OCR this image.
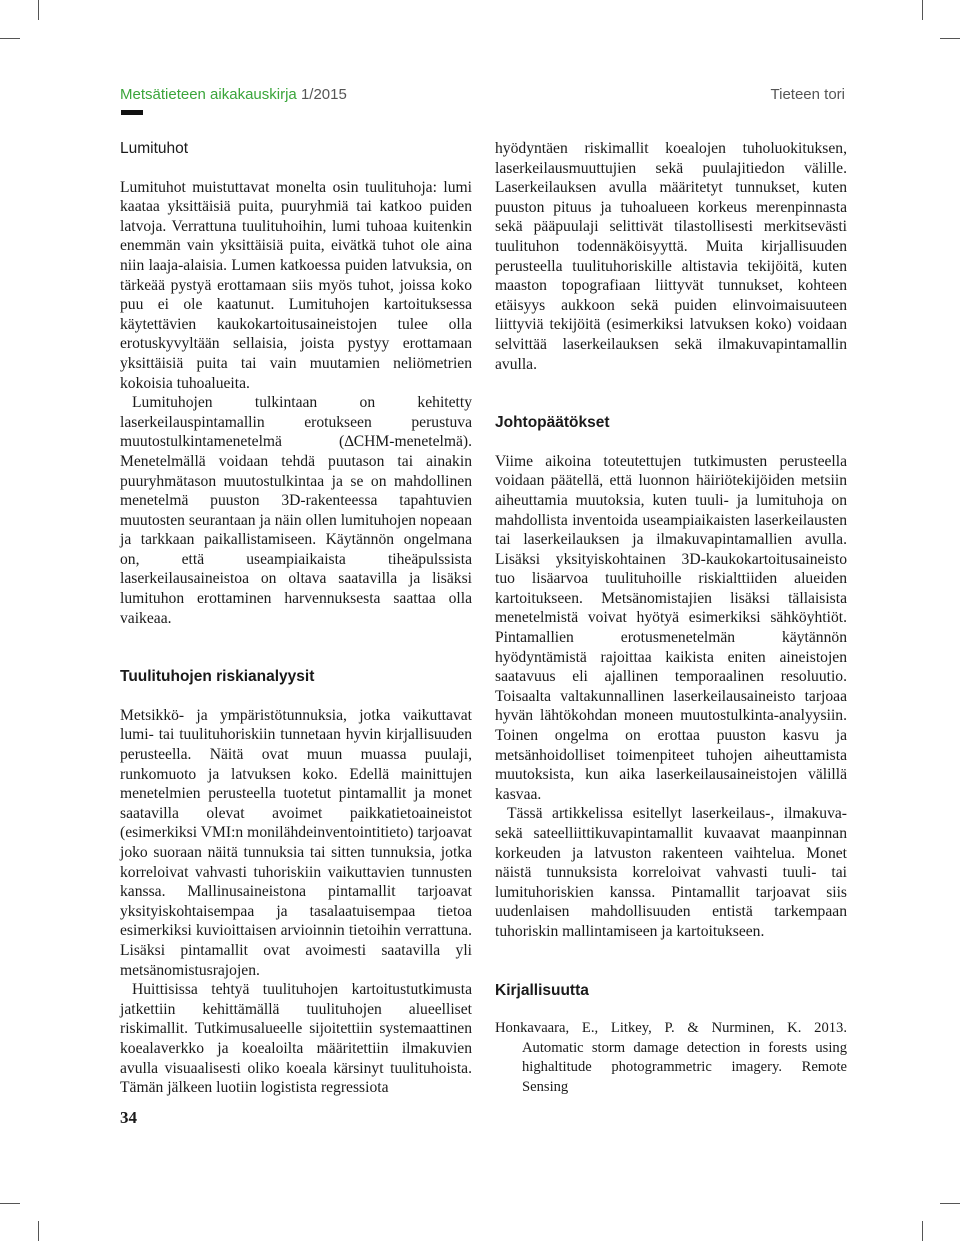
Metsätieteen aikakauskirja 1/2015	Tieteen tori

Lumituhot

Lumituhot muistuttavat monelta osin tuulituhoja: lumi kaataa yksittäisiä puita, puuryhmiä tai katkoo puiden latvoja. Verrattuna tuulituhoihin, lumi tuhoaa kuitenkin enemmän vain yksittäisiä puita, eivätkä tuhot ole aina niin laaja-alaisia. Lumen katkoessa puiden latvuksia, on tärkeää pystyä erottamaan siis myös tuhot, joissa koko puu ei ole kaatunut. Lumituhojen kartoituksessa käytettävien kaukokartoitusaineistojen tulee olla erotuskyvyltään sellaisia, joista pystyy erottamaan yksittäisiä puita tai vain muutamien neliömetrien kokoisia tuhoalueita.

Lumituhojen tulkintaan on kehitetty laserkeilauspintamallin erotukseen perustuva muutostulkintamenetelmä (∆CHM-menetelmä). Menetelmällä voidaan tehdä puutason tai ainakin puuryhmätason muutostulkintaa ja se on mahdollinen menetelmä puuston 3D-rakenteessa tapahtuvien muutosten seurantaan ja näin ollen lumituhojen nopeaan ja tarkkaan paikallistamiseen. Käytännön ongelmana on, että useampiaikaista tiheäpulssista laserkeilausaineistoa on oltava saatavilla ja lisäksi lumituhon erottaminen harvennuksesta saattaa olla vaikeaa.

Tuulituhojen riskianalyysit

Metsikkö- ja ympäristötunnuksia, jotka vaikuttavat lumi- tai tuulituhoriskiin tunnetaan hyvin kirjallisuuden perusteella. Näitä ovat muun muassa puulaji, runkomuoto ja latvuksen koko. Edellä mainittujen menetelmien perusteella tuotetut pintamallit ja monet saatavilla olevat avoimet paikkatietoaineistot (esimerkiksi VMI:n monilähdeinventointitieto) tarjoavat joko suoraan näitä tunnuksia tai sitten tunnuksia, jotka korreloivat vahvasti tuhoriskiin vaikuttavien tunnusten kanssa. Mallinusaineistona pintamallit tarjoavat yksityiskohtaisempaa ja tasalaatuisempaa tietoa esimerkiksi kuvioittaisen arvioinnin tietoihin verrattuna. Lisäksi pintamallit ovat avoimesti saatavilla yli metsänomistusrajojen.

Huittisissa tehtyä tuulituhojen kartoitustutkimusta jatkettiin kehittämällä tuulituhojen alueelliset riskimallit. Tutkimusalueelle sijoitettiin systemaattinen koealaverkko ja koealoilta määritettiin ilmakuvien avulla visuaalisesti oliko koeala kärsinyt tuulituhoista. Tämän jälkeen luotiin logistista regressiota

hyödyntäen riskimallit koealojen tuholuokituksen, laserkeilausmuuttujien sekä puulajitiedon välille. Laserkeilauksen avulla määritetyt tunnukset, kuten puuston pituus ja tuhoalueen korkeus merenpinnasta sekä pääpuulaji selittivät tilastollisesti merkitsevästi tuulituhon todennäköisyyttä. Muita kirjallisuuden perusteella tuulituhoriskille altistavia tekijöitä, kuten maaston topografiaan liittyvät tunnukset, kohteen etäisyys aukkoon sekä puiden elinvoimaisuuteen liittyviä tekijöitä (esimerkiksi latvuksen koko) voidaan selvittää laserkeilauksen sekä ilmakuvapintamallin avulla.

Johtopäätökset

Viime aikoina toteutettujen tutkimusten perusteella voidaan päätellä, että luonnon häiriötekijöiden metsiin aiheuttamia muutoksia, kuten tuuli- ja lumituhoja on mahdollista inventoida useampiaikaisten laserkeilausten tai laserkeilauksen ja ilmakuvapintamallien avulla. Lisäksi yksityiskohtainen 3D-kaukokartoitusaineisto tuo lisäarvoa tuulituhoille riskialttiiden alueiden kartoitukseen. Metsänomistajien lisäksi tällaisista menetelmistä voivat hyötyä esimerkiksi sähköyhtiöt. Pintamallien erotusmenetelmän käytännön hyödyntämistä rajoittaa kaikista eniten aineistojen saatavuus eli ajallinen temporaalinen resoluutio. Toisaalta valtakunnallinen laserkeilausaineisto tarjoaa hyvän lähtökohdan moneen muutostulkinta-analyysiin. Toinen ongelma on erottaa puuston kasvu ja metsänhoidolliset toimenpiteet tuhojen aiheuttamista muutoksista, kun aika laserkeilausaineistojen välillä kasvaa.

Tässä artikkelissa esitellyt laserkeilaus-, ilmakuva- sekä sateelliittikuvapintamallit kuvaavat maanpinnan korkeuden ja latvuston rakenteen vaihtelua. Monet näistä tunnuksista korreloivat vahvasti tuuli- tai lumituhoriskien kanssa. Pintamallit tarjoavat siis uudenlaisen mahdollisuuden entistä tarkempaan tuhoriskin mallintamiseen ja kartoitukseen.

Kirjallisuutta

Honkavaara, E., Litkey, P. & Nurminen, K. 2013. Automatic storm damage detection in forests using highaltitude photogrammetric imagery. Remote Sensing

34
